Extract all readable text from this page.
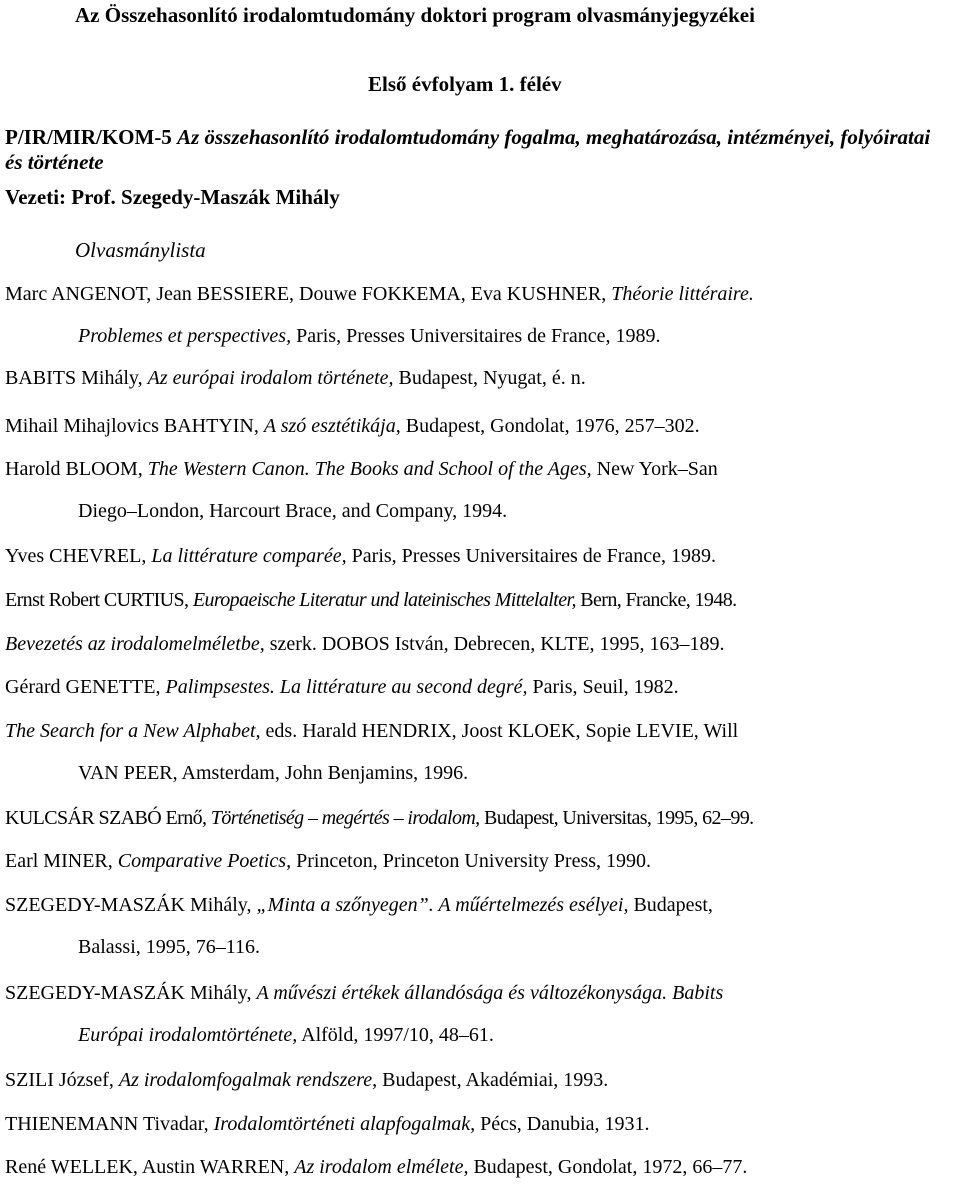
Az Összehasonlító irodalomtudomány doktori program olvasmányjegyzékei

Első évfolyam 1. félév

P/IR/MIR/KOM-5 Az összehasonlító irodalomtudomány fogalma, meghatározása, intézményei, folyóiratai és története

Vezeti: Prof. Szegedy-Maszák Mihály

Olvasmánylista

Marc ANGENOT, Jean BESSIERE, Douwe FOKKEMA, Eva KUSHNER, Théorie littéraire.
Problemes et perspectives, Paris, Presses Universitaires de France, 1989.

BABITS Mihály, Az európai irodalom története, Budapest, Nyugat, é. n.

Mihail Mihajlovics BAHTYIN, A szó esztétikája, Budapest, Gondolat, 1976, 257–302.

Harold BLOOM, The Western Canon. The Books and School of the Ages, New York–San
Diego–London, Harcourt Brace, and Company, 1994.

Yves CHEVREL, La littérature comparée, Paris, Presses Universitaires de France, 1989.

Ernst Robert CURTIUS, Europaeische Literatur und lateinisches Mittelalter, Bern, Francke, 1948.

Bevezetés az irodalomelméletbe, szerk. DOBOS István, Debrecen, KLTE, 1995, 163–189.

Gérard GENETTE, Palimpsestes. La littérature au second degré, Paris, Seuil, 1982.

The Search for a New Alphabet, eds. Harald HENDRIX, Joost KLOEK, Sopie LEVIE, Will
VAN PEER, Amsterdam, John Benjamins, 1996.

KULCSÁR SZABÓ Ernő, Történetiség – megértés – irodalom, Budapest, Universitas, 1995, 62–99.

Earl MINER, Comparative Poetics, Princeton, Princeton University Press, 1990.

SZEGEDY-MASZÁK Mihály, „Minta a szőnyegen”. A műértelmezés esélyei, Budapest,
Balassi, 1995, 76–116.

SZEGEDY-MASZÁK Mihály, A művészi értékek állandósága és változékonysága. Babits
Európai irodalomtörténete, Alföld, 1997/10, 48–61.

SZILI József, Az irodalomfogalmak rendszere, Budapest, Akadémiai, 1993.

THIENEMANN Tivadar, Irodalomtörténeti alapfogalmak, Pécs, Danubia, 1931.

René WELLEK, Austin WARREN, Az irodalom elmélete, Budapest, Gondolat, 1972, 66–77.
